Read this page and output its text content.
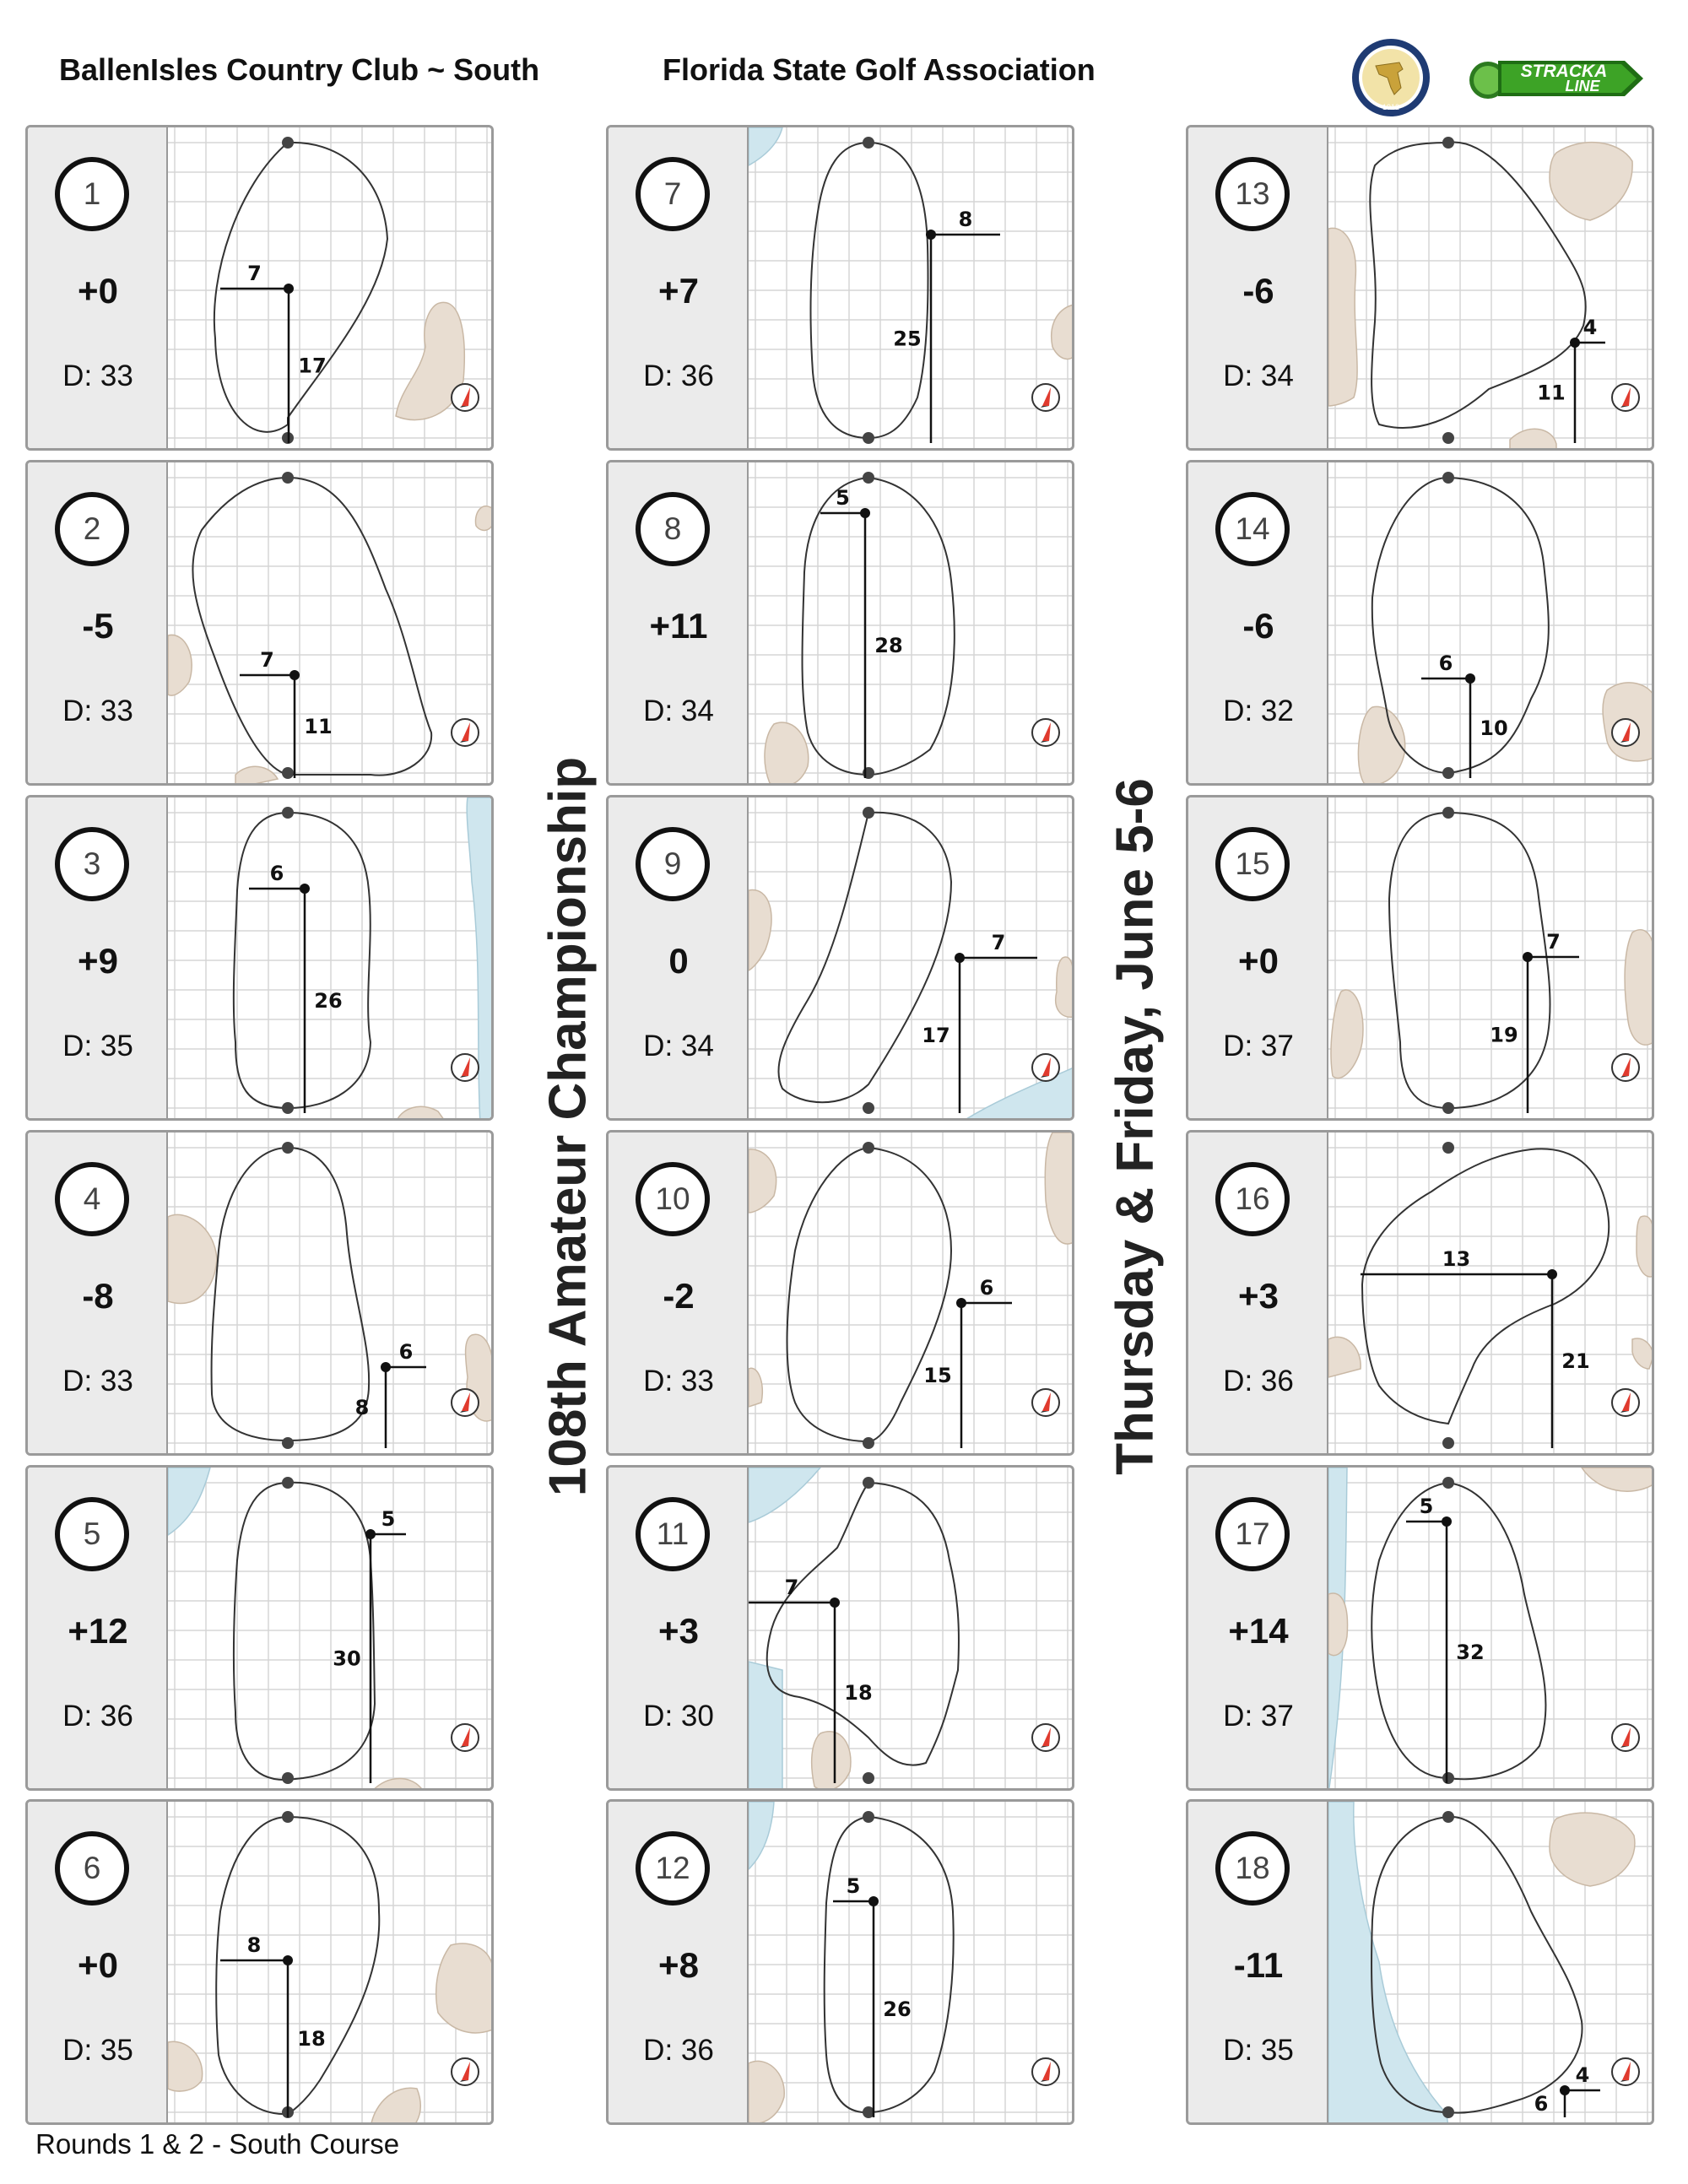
BallenIsles Country Club ~ South	Florida State Golf Association
1912
STRACKA
LINE
108th Amateur Championship	Thursday & Friday, June 5-6
1
+0
D: 33
7
17
2
-5
D: 33
7
11
3
+9
D: 35
6
26
4
-8
D: 33
6
8
5
+12
D: 36
5
30
6
+0
D: 35
8
18
7
+7
D: 36
8
25
8
+11
D: 34
5
28
9
0
D: 34
7
17
10
-2
D: 33
6
15
11
+3
D: 30
7
18
12
+8
D: 36
5
26
13
-6
D: 34
4
11
14
-6
D: 32
6
10
15
+0
D: 37
7
19
16
+3
D: 36
13
21
17
+14
D: 37
5
32
18
-11
D: 35
4
6
Rounds 1 & 2 - South Course
